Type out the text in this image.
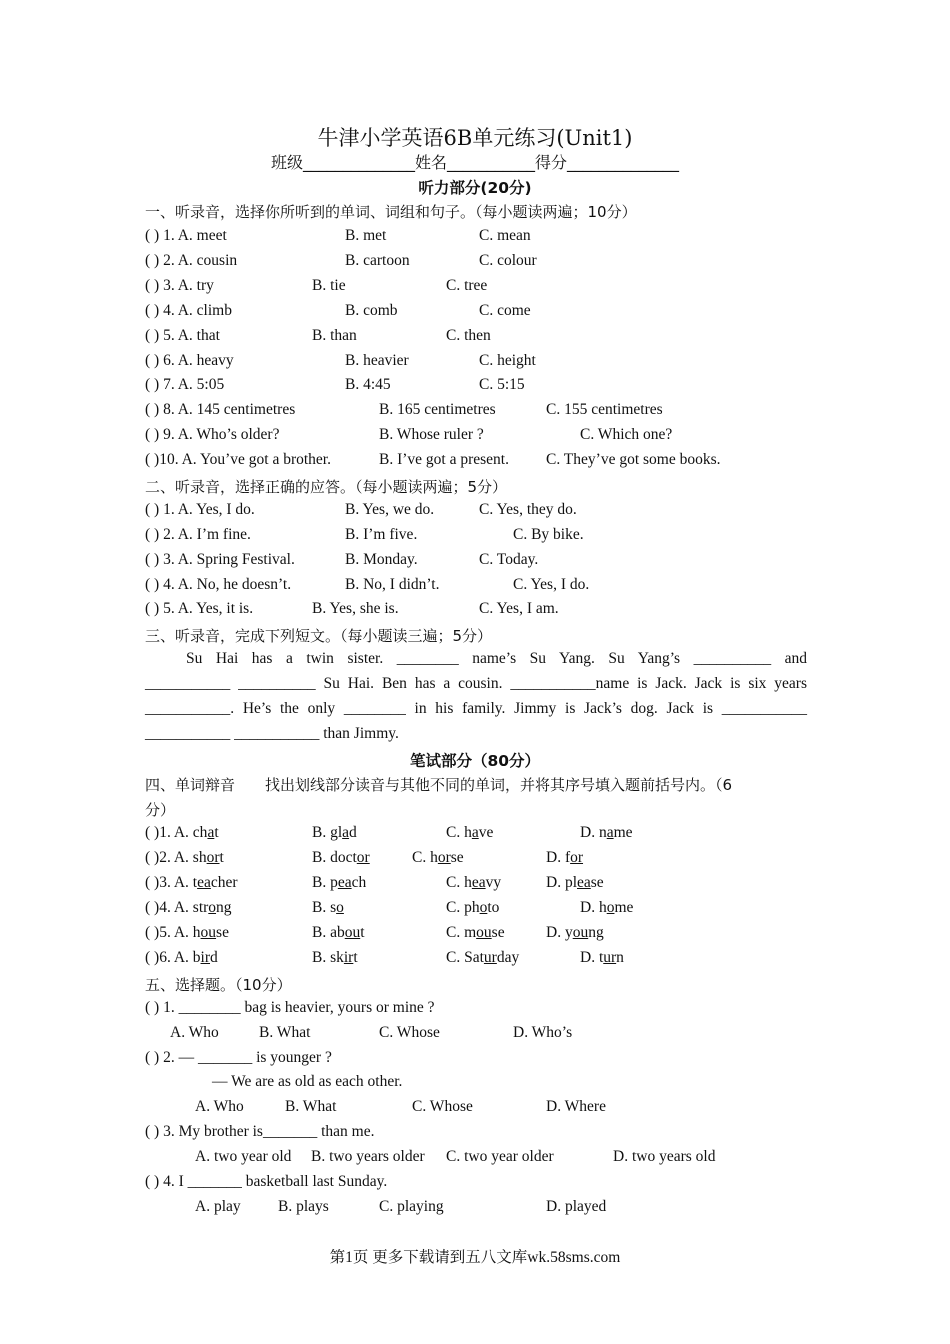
牛津小学英语6B单元练习(Unit1)
班级______________姓名___________得分______________
听力部分(20分)
一、听录音，选择你所听到的单词、词组和句子。（每小题读两遍；10分）
( ) 1. A. meet	B. met	C. mean
( ) 2. A. cousin	B. cartoon	C. colour
( ) 3. A. try	B. tie	C. tree
( ) 4. A. climb	B. comb	C. come
( ) 5. A. that	B. than	C. then
( ) 6. A. heavy	B. heavier	C. height
( ) 7. A. 5:05	B. 4:45	C. 5:15
( ) 8. A. 145 centimetres	B. 165 centimetres	C. 155 centimetres
( ) 9. A. Who’s older?	B. Whose ruler ?	C. Which one?
( )10. A. You’ve got a brother.	B. I’ve got a present. C. They’ve got some books.
二、听录音，选择正确的应答。（每小题读两遍；5分）
( ) 1. A. Yes, I do.	B. Yes, we do.	C. Yes, they do.
( ) 2. A. I’m fine.	B. I’m five.	C. By bike.
( ) 3. A. Spring Festival.	B. Monday.	C. Today.
( ) 4. A. No, he doesn’t.	B. No, I didn’t.	C. Yes, I do.
( ) 5. A. Yes, it is.	B. Yes, she is.	C. Yes, I am.
三、听录音，完成下列短文。（每小题读三遍；5分）
Su Hai has a twin sister. ________ name’s Su Yang. Su Yang’s __________ and
___________ __________ Su Hai. Ben has a cousin. ___________name is Jack. Jack is six years
___________. He’s the only ________ in his family. Jimmy is Jack’s dog. Jack is ___________
___________ ___________ than Jimmy.
笔试部分（80分）
四、单词辩音 找出划线部分读音与其他不同的单词，并将其序号填入题前括号内。（6
分）
( )1. A. chat	B. glad	C. have	D. name
( )2. A. short	B. doctor	C. horse	D. for
( )3. A. teacher	B. peach	C. heavy	D. please
( )4. A. strong	B. so	C. photo	D. home
( )5. A. house	B. about	C. mouse	D. young
( )6. A. bird	B. skirt	C. Saturday	D. turn
五、选择题。（10分）
( ) 1. ________ bag is heavier, yours or mine ?
A. Who	B. What	C. Whose	D. Who’s
( ) 2. — _______ is younger ?
— We are as old as each other.
A. Who	B. What	C. Whose	D. Where
( ) 3. My brother is_______ than me.
A. two year old B. two years older C. two year older	D. two years old
( ) 4. I _______ basketball last Sunday.
A. play B. plays	C. playing	D. played
第1页 更多下载请到五八文库wk.58sms.com
